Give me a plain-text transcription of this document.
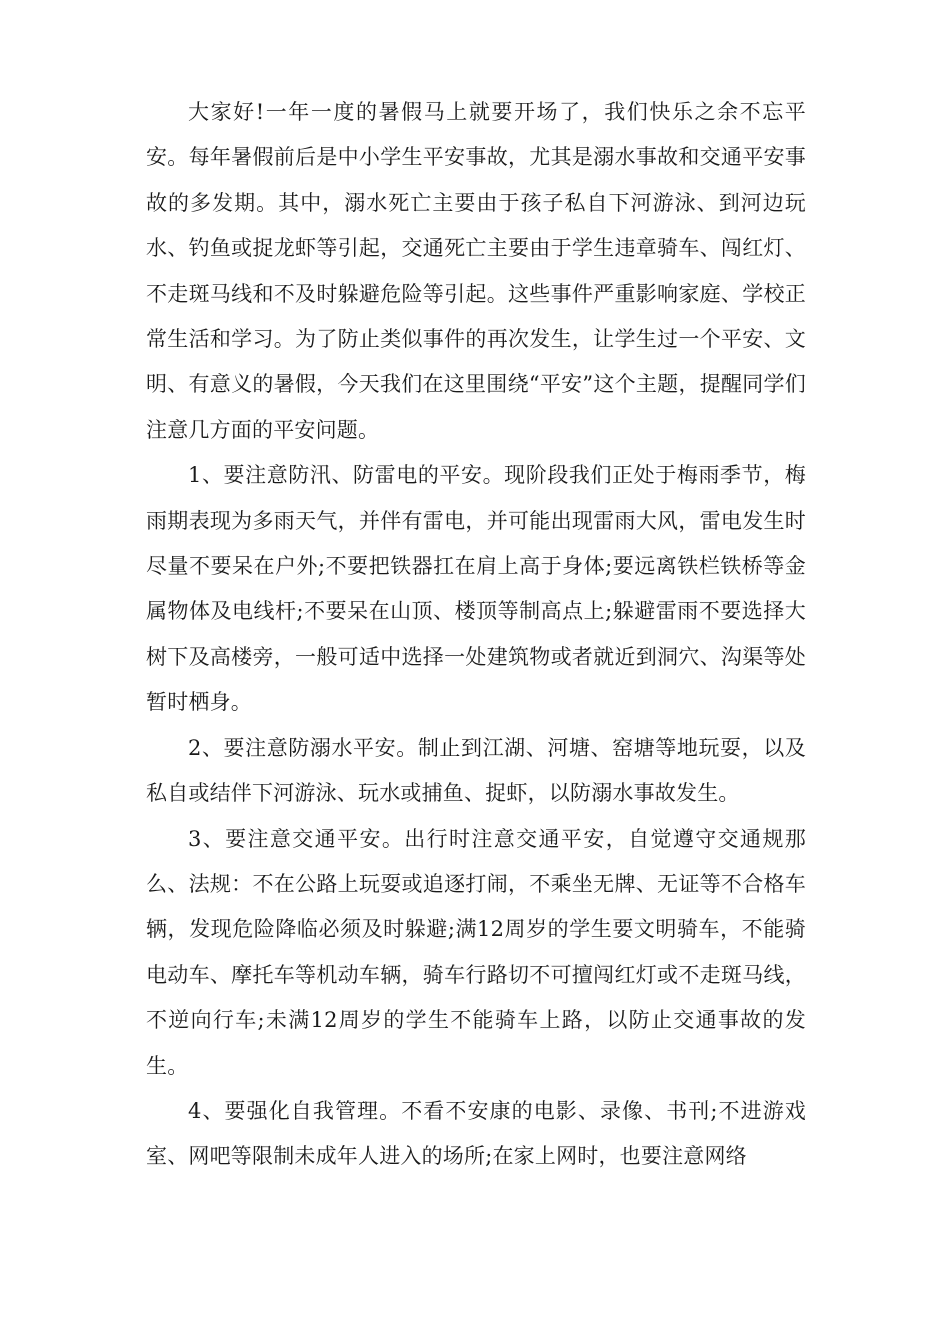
大家好!一年一度的暑假马上就要开场了，我们快乐之余不忘平安。每年暑假前后是中小学生平安事故，尤其是溺水事故和交通平安事故的多发期。其中，溺水死亡主要由于孩子私自下河游泳、到河边玩水、钓鱼或捉龙虾等引起，交通死亡主要由于学生违章骑车、闯红灯、不走斑马线和不及时躲避危险等引起。这些事件严重影响家庭、学校正常生活和学习。为了防止类似事件的再次发生，让学生过一个平安、文明、有意义的暑假，今天我们在这里围绕“平安”这个主题，提醒同学们注意几方面的平安问题。

1、要注意防汛、防雷电的平安。现阶段我们正处于梅雨季节，梅雨期表现为多雨天气，并伴有雷电，并可能出现雷雨大风，雷电发生时尽量不要呆在户外;不要把铁器扛在肩上高于身体;要远离铁栏铁桥等金属物体及电线杆;不要呆在山顶、楼顶等制高点上;躲避雷雨不要选择大树下及高楼旁，一般可适中选择一处建筑物或者就近到洞穴、沟渠等处暂时栖身。

2、要注意防溺水平安。制止到江湖、河塘、窑塘等地玩耍，以及私自或结伴下河游泳、玩水或捕鱼、捉虾，以防溺水事故发生。

3、要注意交通平安。出行时注意交通平安，自觉遵守交通规那么、法规：不在公路上玩耍或追逐打闹，不乘坐无牌、无证等不合格车辆，发现危险降临必须及时躲避;满12周岁的学生要文明骑车，不能骑电动车、摩托车等机动车辆，骑车行路切不可擅闯红灯或不走斑马线，不逆向行车;未满12周岁的学生不能骑车上路，以防止交通事故的发生。

4、要强化自我管理。不看不安康的电影、录像、书刊;不进游戏室、网吧等限制未成年人进入的场所;在家上网时，也要注意网络
